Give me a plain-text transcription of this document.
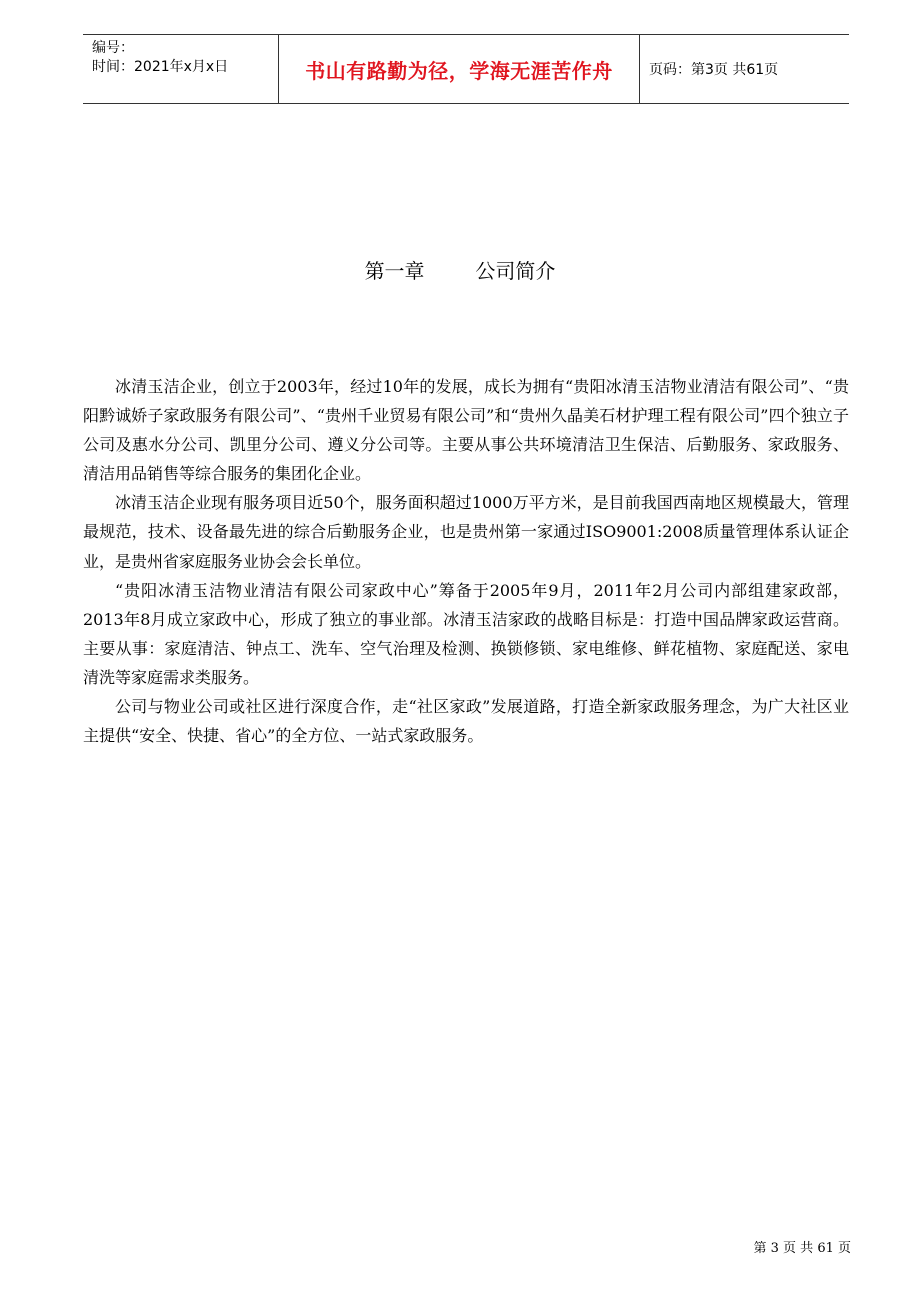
编号：
时间：2021年x月x日	书山有路勤为径，学海无涯苦作舟	页码：第3页 共61页
第一章        公司简介

冰清玉洁企业，创立于2003年，经过10年的发展，成长为拥有“贵阳冰清玉洁物业清洁有限公司”、“贵阳黔诚娇子家政服务有限公司”、“贵州千业贸易有限公司”和“贵州久晶美石材护理工程有限公司”四个独立子公司及惠水分公司、凯里分公司、遵义分公司等。主要从事公共环境清洁卫生保洁、后勤服务、家政服务、清洁用品销售等综合服务的集团化企业。

冰清玉洁企业现有服务项目近50个，服务面积超过1000万平方米，是目前我国西南地区规模最大，管理最规范，技术、设备最先进的综合后勤服务企业，也是贵州第一家通过ISO9001:2008质量管理体系认证企业，是贵州省家庭服务业协会会长单位。

“贵阳冰清玉洁物业清洁有限公司家政中心”筹备于2005年9月，2011年2月公司内部组建家政部，2013年8月成立家政中心，形成了独立的事业部。冰清玉洁家政的战略目标是：打造中国品牌家政运营商。主要从事：家庭清洁、钟点工、洗车、空气治理及检测、换锁修锁、家电维修、鲜花植物、家庭配送、家电清洗等家庭需求类服务。

公司与物业公司或社区进行深度合作，走“社区家政”发展道路，打造全新家政服务理念，为广大社区业主提供“安全、快捷、省心”的全方位、一站式家政服务。

第 3 页 共 61 页
